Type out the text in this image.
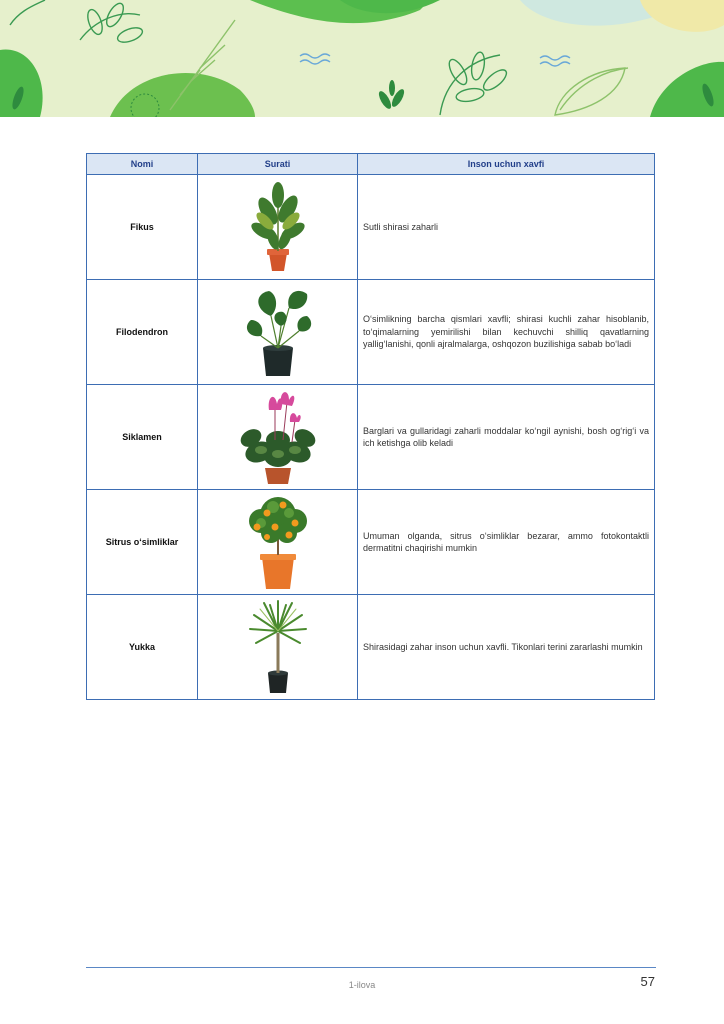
Nomi	Surati	Inson uchun xavfi
Fikus		Sutli shirasi zaharli
Filodendron		O‘simlikning barcha qismlari xavfli; shirasi kuchli zahar hisoblanib, to‘qimalarning yemirilishi bilan kechuvchi shilliq qavatlarning yallig‘lanishi, qonli ajralmalarga, oshqozon buzilishiga sabab bo‘ladi
Siklamen		Barglari va gullaridagi zaharli moddalar ko‘ngil aynishi, bosh og‘rig‘i va ich ketishga olib keladi
Sitrus o‘simliklar		Umuman olganda, sitrus o‘simliklar bezarar, ammo fotokontaktli dermatitni chaqirishi mumkin
Yukka		Shirasidagi zahar inson uchun xavfli. Tikonlari terini zararlashi mumkin
1-ilova	57
